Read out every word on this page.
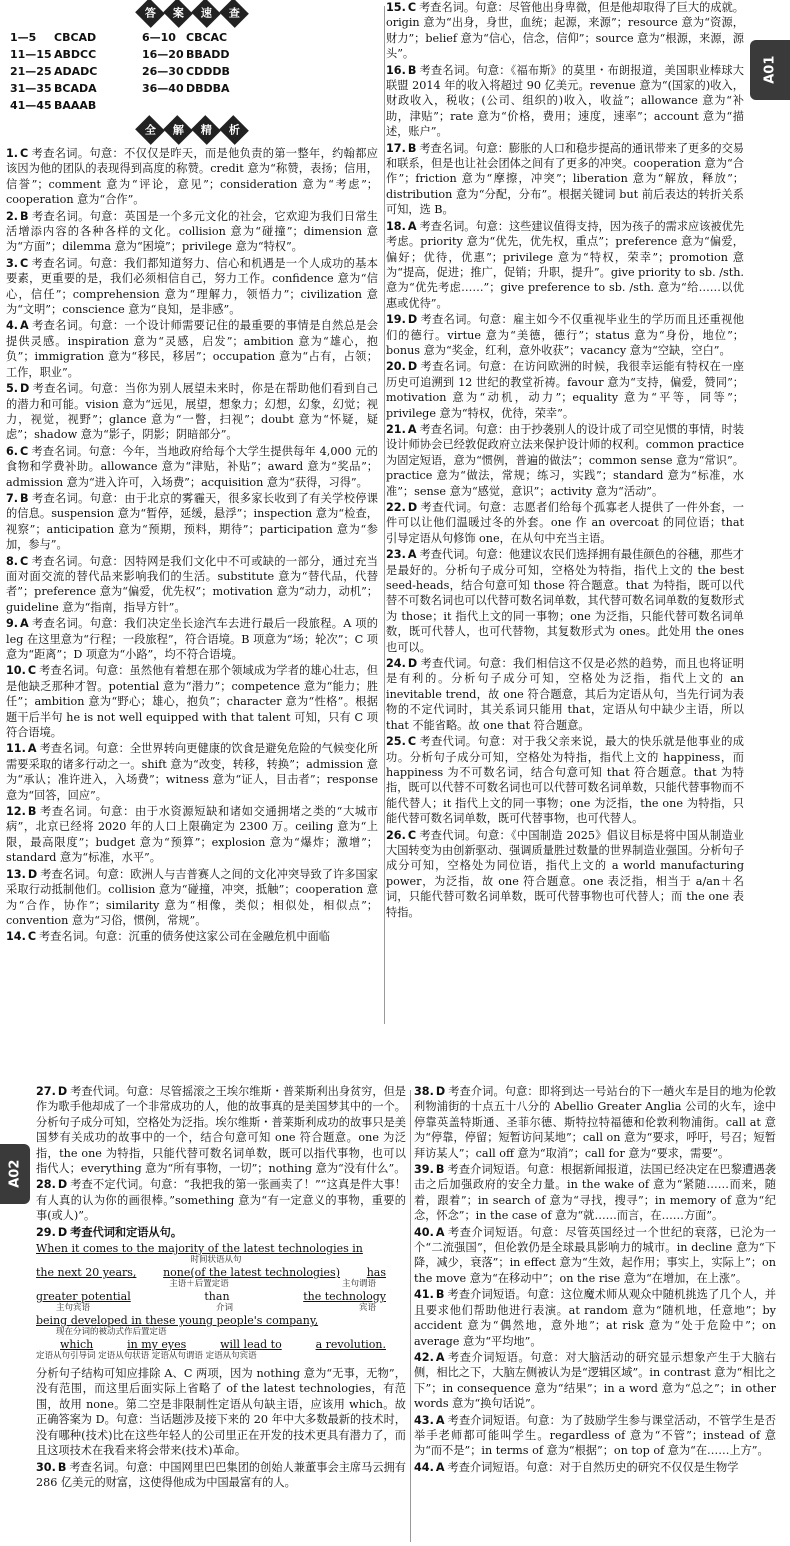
答	案	速	查
1—5 CBCAD	6—10 CBCAC
11—15 ABDCC	16—20 BBADD
21—25 ADADC	26—30 CDDDB
31—35 BCADA	36—40 DBDBA
41—45 BAAAB
全	解	精	析

1. C 考查名词。句意：不仅仅是昨天，而是他负责的第一整年，约翰都应该因为他的团队的表现得到高度的称赞。credit 意为“称赞，表扬；信用，信誉”；comment 意为“评论，意见”；consideration 意为“考虑”；cooperation 意为“合作”。

2. B 考查名词。句意：英国是一个多元文化的社会，它欢迎为我们日常生活增添内容的各种各样的文化。collision 意为“碰撞”；dimension 意为“方面”；dilemma 意为“困境”；privilege 意为“特权”。

3. C 考查名词。句意：我们都知道努力、信心和机遇是一个人成功的基本要素，更重要的是，我们必须相信自己，努力工作。confidence 意为“信心，信任”；comprehension 意为“理解力，领悟力”；civilization 意为“文明”；conscience 意为“良知，是非感”。

4. A 考查名词。句意：一个设计师需要记住的最重要的事情是自然总是会提供灵感。inspiration 意为“灵感，启发”；ambition 意为“雄心，抱负”；immigration 意为“移民，移居”；occupation 意为“占有，占领；工作，职业”。

5. D 考查名词。句意：当你为别人展望未来时，你是在帮助他们看到自己的潜力和可能。vision 意为“远见，展望，想象力；幻想，幻象，幻觉；视力，视觉，视野”；glance 意为“一瞥，扫视”；doubt 意为“怀疑，疑虑”；shadow 意为“影子，阴影；阴暗部分”。

6. C 考查名词。句意：今年，当地政府给每个大学生提供每年 4,000 元的食物和学费补助。allowance 意为“津贴，补贴”；award 意为“奖品”；admission 意为“进入许可，入场费”；acquisition 意为“获得，习得”。

7. B 考查名词。句意：由于北京的雾霾天，很多家长收到了有关学校停课的信息。suspension 意为“暂停，延缓，悬浮”；inspection 意为“检查，视察”；anticipation 意为“预期，预料，期待”；participation 意为“参加，参与”。

8. C 考查名词。句意：因特网是我们文化中不可或缺的一部分，通过充当面对面交流的替代品来影响我们的生活。substitute 意为“替代品，代替者”；preference 意为“偏爱，优先权”；motivation 意为“动力，动机”；guideline 意为“指南，指导方针”。

9. A 考查名词。句意：我们决定坐长途汽车去进行最后一段旅程。A 项的 leg 在这里意为“行程；一段旅程”，符合语境。B 项意为“场；轮次”；C 项意为“距离”；D 项意为“小路”，均不符合语境。

10. C 考查名词。句意：虽然他有着想在那个领域成为学者的雄心壮志，但是他缺乏那种才智。potential 意为“潜力”；competence 意为“能力；胜任”；ambition 意为“野心；雄心，抱负”；character 意为“性格”。根据题干后半句 he is not well equipped with that talent 可知，只有 C 项符合语境。

11. A 考查名词。句意：全世界转向更健康的饮食是避免危险的气候变化所需要采取的诸多行动之一。shift 意为“改变，转移，转换”；admission 意为“承认；准许进入，入场费”；witness 意为“证人，目击者”；response 意为“回答，回应”。

12. B 考查名词。句意：由于水资源短缺和诸如交通拥堵之类的“大城市病”，北京已经将 2020 年的人口上限确定为 2300 万。ceiling 意为“上限，最高限度”；budget 意为“预算”；explosion 意为“爆炸；激增”；standard 意为“标准，水平”。

13. D 考查名词。句意：欧洲人与吉普赛人之间的文化冲突导致了许多国家采取行动抵制他们。collision 意为“碰撞，冲突，抵触”；cooperation 意为“合作，协作”；similarity 意为“相像，类似；相似处，相似点”；convention 意为“习俗，惯例，常规”。

14. C 考查名词。句意：沉重的债务使这家公司在金融危机中面临

15. C 考查名词。句意：尽管他出身卑微，但是他却取得了巨大的成就。origin 意为“出身，身世，血统；起源，来源”；resource 意为“资源，财力”；belief 意为“信心，信念，信仰”；source 意为“根源，来源，源头”。

16. B 考查名词。句意：《福布斯》的莫里・布朗报道，美国职业棒球大联盟 2014 年的收入将超过 90 亿美元。revenue 意为“(国家的)收入，财政收入，税收；(公司、组织的)收入，收益”；allowance 意为“补助，津贴”；rate 意为“价格，费用；速度，速率”；account 意为“描述，账户”。

17. B 考查名词。句意：膨胀的人口和稳步提高的通讯带来了更多的交易和联系，但是也让社会团体之间有了更多的冲突。cooperation 意为“合作”；friction 意为“摩擦，冲突”；liberation 意为“解放，释放”；distribution 意为“分配，分布”。根据关键词 but 前后表达的转折关系可知，选 B。

18. A 考查名词。句意：这些建议值得支持，因为孩子的需求应该被优先考虑。priority 意为“优先，优先权，重点”；preference 意为“偏爱，偏好；优待，优惠”；privilege 意为“特权，荣幸”；promotion 意为“提高，促进；推广，促销；升职，提升”。give priority to sb. /sth. 意为“优先考虑……”；give preference to sb. /sth. 意为“给……以优惠或优待”。

19. D 考查名词。句意：雇主如今不仅重视毕业生的学历而且还重视他们的德行。virtue 意为“美德，德行”；status 意为“身份，地位”；bonus 意为“奖金，红利，意外收获”；vacancy 意为“空缺，空白”。

20. D 考查名词。句意：在访问欧洲的时候，我很幸运能有特权在一座历史可追溯到 12 世纪的教堂祈祷。favour 意为“支持，偏爱，赞同”；motivation 意为“动机，动力”；equality 意为“平等，同等”；privilege 意为“特权，优待，荣幸”。

21. A 考查名词。句意：由于抄袭别人的设计成了司空见惯的事情，时装设计师协会已经敦促政府立法来保护设计师的权利。common practice 为固定短语，意为“惯例，普遍的做法”；common sense 意为“常识”。practice 意为“做法，常规；练习，实践”；standard 意为“标准，水准”；sense 意为“感觉，意识”；activity 意为“活动”。

22. D 考查代词。句意：志愿者们给每个孤寡老人提供了一件外套，一件可以让他们温暖过冬的外套。one 作 an overcoat 的同位语；that 引导定语从句修饰 one，在从句中充当主语。

23. A 考查代词。句意：他建议农民们选择拥有最佳颜色的谷穗，那些才是最好的。分析句子成分可知，空格处为特指，指代上文的 the best seed-heads，结合句意可知 those 符合题意。that 为特指，既可以代替不可数名词也可以代替可数名词单数，其代替可数名词单数的复数形式为 those；it 指代上文的同一事物；one 为泛指，只能代替可数名词单数，既可代替人，也可代替物，其复数形式为 ones。此处用 the ones 也可以。

24. D 考查代词。句意：我们相信这不仅是必然的趋势，而且也将证明是有利的。分析句子成分可知，空格处为泛指，指代上文的 an inevitable trend，故 one 符合题意，其后为定语从句，当先行词为表物的不定代词时，其关系词只能用 that，定语从句中缺少主语，所以 that 不能省略。故 one that 符合题意。

25. C 考查代词。句意：对于我父亲来说，最大的快乐就是他事业的成功。分析句子成分可知，空格处为特指，指代上文的 happiness，而 happiness 为不可数名词，结合句意可知 that 符合题意。that 为特指，既可以代替不可数名词也可以代替可数名词单数，只能代替事物而不能代替人；it 指代上文的同一事物；one 为泛指，the one 为特指，只能代替可数名词单数，既可代替事物，也可代替人。

26. C 考查代词。句意：《中国制造 2025》倡议目标是将中国从制造业大国转变为由创新驱动、强调质量胜过数量的世界制造业强国。分析句子成分可知，空格处为同位语，指代上文的 a world manufacturing power，为泛指，故 one 符合题意。one 表泛指，相当于 a/an＋名词，只能代替可数名词单数，既可代替事物也可代替人；而 the one 表特指。

A01
A02

27. D 考查代词。句意：尽管摇滚之王埃尔维斯・普莱斯利出身贫穷，但是作为歌手他却成了一个非常成功的人，他的故事真的是美国梦其中的一个。分析句子成分可知，空格处为泛指。埃尔维斯・普莱斯利成功的故事只是美国梦有关成功的故事中的一个，结合句意可知 one 符合题意。one 为泛指，the one 为特指，只能代替可数名词单数，既可以指代事物，也可以指代人；everything 意为“所有事物，一切”；nothing 意为“没有什么”。

28. D 考查不定代词。句意：“我把我的第一张画卖了！”“这真是件大事！有人真的认为你的画很棒。”something 意为“有一定意义的事物，重要的事(或人)”。

29. D 考查代词和定语从句。

When it comes to the majority of the latest technologies in
时间状语从句
the next 20 years, none(of the latest technologies) has
主语＋后置定语	主句谓语
greater potential	than	the technology
主句宾语	介词	宾语
being developed in these young people's company,
现在分词的被动式作后置定语
which	in my eyes	will lead to	a revolution.
定语从句引导词 定语从句状语 定语从句谓语 定语从句宾语

分析句子结构可知应排除 A、C 两项，因为 nothing 意为“无事，无物”，没有范围，而这里后面实际上省略了 of the latest technologies，有范围，故用 none。第二空是非限制性定语从句缺主语，应该用 which。故正确答案为 D。句意：当话题涉及接下来的 20 年中大多数最新的技术时，没有哪种(技术)比在这些年轻人的公司里正在开发的技术更具有潜力了，而且这项技术在我看来将会带来(技术)革命。

30. B 考查名词。句意：中国网里巴巴集团的创始人兼董事会主席马云拥有 286 亿美元的财富，这使得他成为中国最富有的人。

38. D 考查介词。句意：即将到达一号站台的下一趟火车是目的地为伦敦利物浦街的十点五十八分的 Abellio Greater Anglia 公司的火车，途中停靠英盖特斯通、圣菲尔德、斯特拉特福德和伦敦利物浦街。call at 意为“停靠，停留；短暂访问某地”；call on 意为“要求，呼吁，号召；短暂拜访某人”；call off 意为“取消”；call for 意为“要求，需要”。

39. B 考查介词短语。句意：根据新闻报道，法国已经决定在巴黎遭遇袭击之后加强政府的安全力量。in the wake of 意为“紧随……而来，随着，跟着”；in search of 意为“寻找，搜寻”；in memory of 意为“纪念，怀念”；in the case of 意为“就……而言，在……方面”。

40. A 考查介词短语。句意：尽管英国经过一个世纪的衰落，已沦为一个“二流强国”，但伦敦仍是全球最具影响力的城市。in decline 意为“下降，减少，衰落”；in effect 意为“生效，起作用；事实上，实际上”；on the move 意为“在移动中”；on the rise 意为“在增加，在上涨”。

41. B 考查介词短语。句意：这位魔术师从观众中随机挑选了几个人，并且要求他们帮助他进行表演。at random 意为“随机地，任意地”；by accident 意为“偶然地，意外地”；at risk 意为“处于危险中”；on average 意为“平均地”。

42. A 考查介词短语。句意：对大脑活动的研究显示想象产生于大脑右侧，相比之下，大脑左侧被认为是“逻辑区域”。in contrast 意为“相比之下”；in consequence 意为“结果”；in a word 意为“总之”；in other words 意为“换句话说”。

43. A 考查介词短语。句意：为了鼓励学生参与课堂活动，不管学生是否举手老师都可能叫学生。regardless of 意为“不管”；instead of 意为“而不是”；in terms of 意为“根据”；on top of 意为“在……上方”。

44. A 考查介词短语。句意：对于自然历史的研究不仅仅是生物学
